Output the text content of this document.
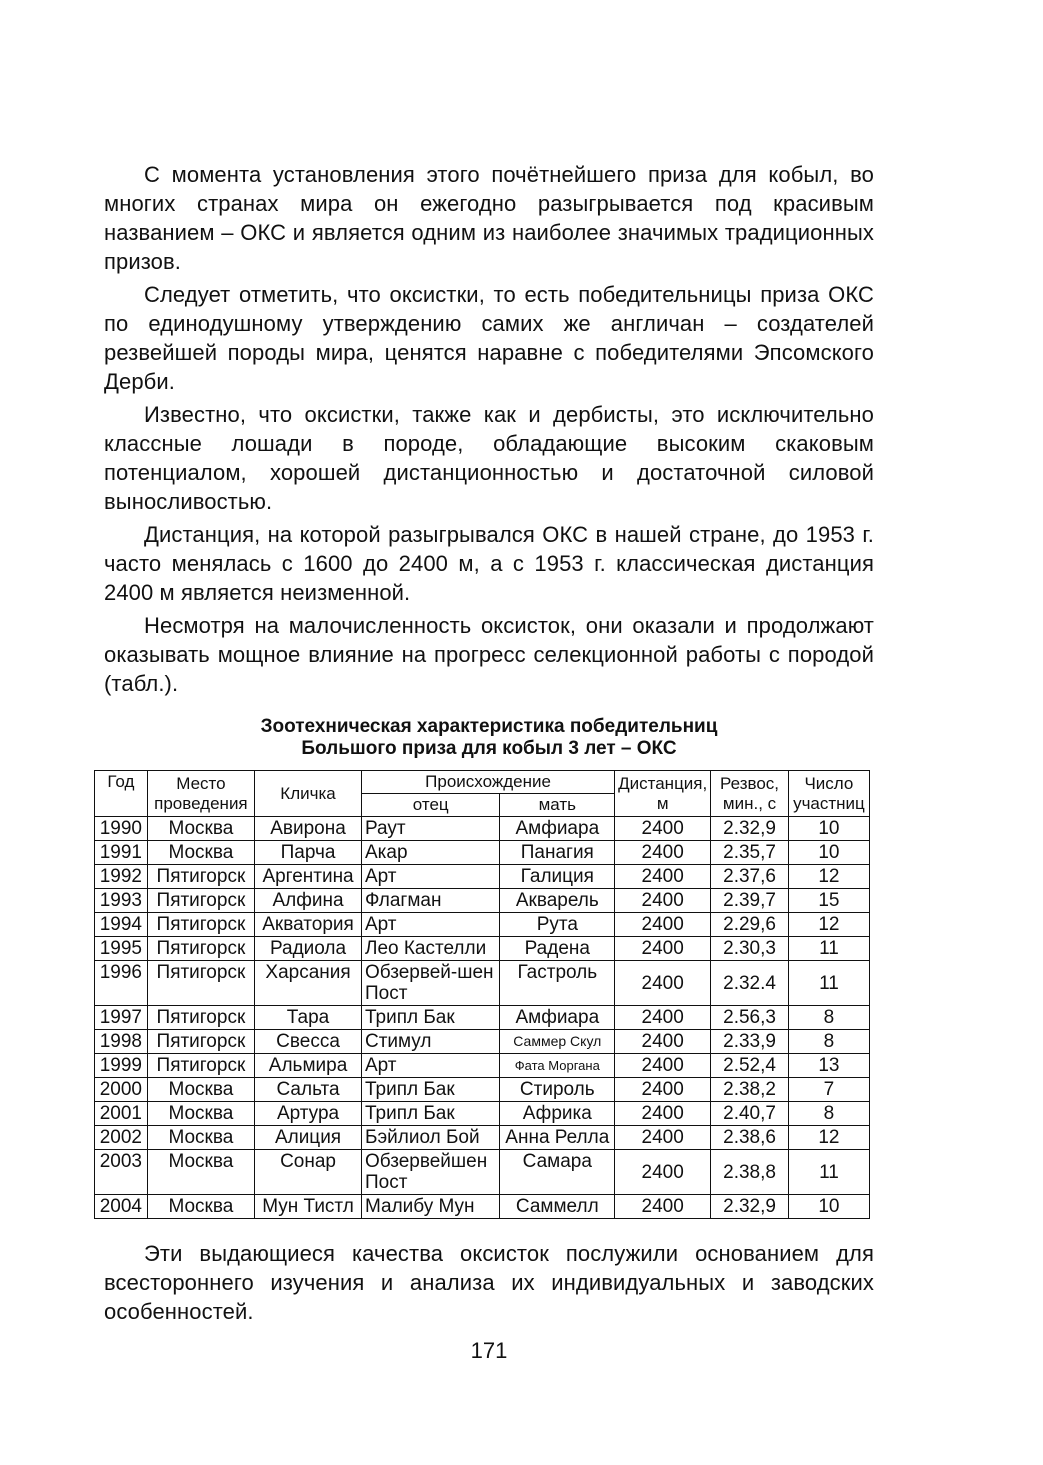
С момента установления этого почётнейшего приза для кобыл, во многих странах мира он ежегодно разыгрывается под красивым названием – ОКС и является одним из наиболее значимых традиционных призов.

Следует отметить, что оксистки, то есть победительницы приза ОКС по единодушному утверждению самих же англичан – создателей резвейшей породы мира, ценятся наравне с победителями Эпсомского Дерби.

Известно, что оксистки, также как и дербисты, это исключительно классные лошади в породе, обладающие высоким скаковым потенциалом, хорошей дистанционностью и достаточной силовой выносливостью.

Дистанция, на которой разыгрывался ОКС в нашей стране, до 1953 г. часто менялась с 1600 до 2400 м, а с 1953 г. классическая дистанция 2400 м является неизменной.

Несмотря на малочисленность оксисток, они оказали и продолжают оказывать мощное влияние на прогресс селекционной работы с породой (табл.).

Зоотехническая характеристика победительниц
Большого приза для кобыл 3 лет – ОКС
Год	Место проведения	Кличка	Происхождение		Дистанция, м	Резвос, мин., с	Число участниц
			отец	мать			
1990	Москва	Авирона	Раут	Амфиара	2400	2.32,9	10
1991	Москва	Парча	Акар	Панагия	2400	2.35,7	10
1992	Пятигорск	Аргентина	Арт	Галиция	2400	2.37,6	12
1993	Пятигорск	Алфина	Флагман	Акварель	2400	2.39,7	15
1994	Пятигорск	Акватория	Арт	Рута	2400	2.29,6	12
1995	Пятигорск	Радиола	Лео Кастелли	Радена	2400	2.30,3	11
1996	Пятигорск	Харсания	Обзервей-шен Пост	Гастроль	2400	2.32.4	11
1997	Пятигорск	Тара	Трипл Бак	Амфиара	2400	2.56,3	8
1998	Пятигорск	Свесса	Стимул	Саммер Скул	2400	2.33,9	8
1999	Пятигорск	Альмира	Арт	Фата Моргана	2400	2.52,4	13
2000	Москва	Сальта	Трипл Бак	Стироль	2400	2.38,2	7
2001	Москва	Артура	Трипл Бак	Африка	2400	2.40,7	8
2002	Москва	Алиция	Бэйлиол Бой	Анна Релла	2400	2.38,6	12
2003	Москва	Сонар	Обзервейшен Пост	Самара	2400	2.38,8	11
2004	Москва	Мун Тистл	Малибу Мун	Саммелл	2400	2.32,9	10

Эти выдающиеся качества оксисток послужили основанием для всестороннего изучения и анализа их индивидуальных и заводских особенностей.

171
